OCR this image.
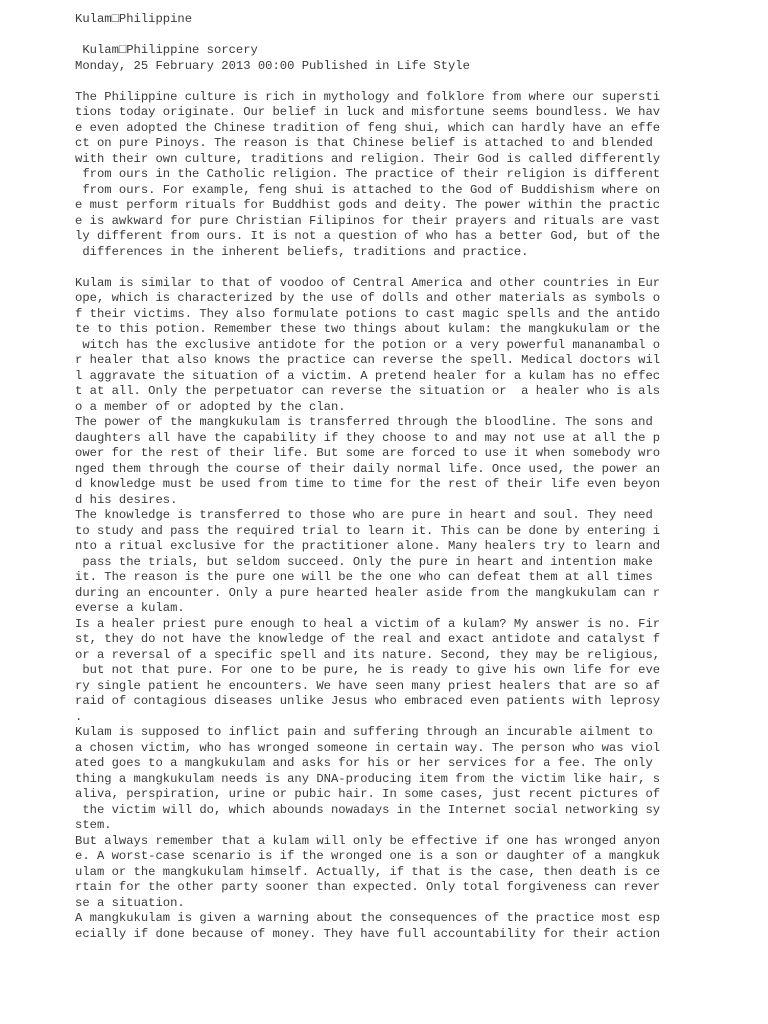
Kulam□Philippine
Kulam□Philippine sorcery
Monday, 25 February 2013 00:00 Published in Life Style
The Philippine culture is rich in mythology and folklore from where our supersti
tions today originate. Our belief in luck and misfortune seems boundless. We hav
e even adopted the Chinese tradition of feng shui, which can hardly have an effe
ct on pure Pinoys. The reason is that Chinese belief is attached to and blended
with their own culture, traditions and religion. Their God is called differently
from ours in the Catholic religion. The practice of their religion is different
from ours. For example, feng shui is attached to the God of Buddishism where on
e must perform rituals for Buddhist gods and deity. The power within the practic
e is awkward for pure Christian Filipinos for their prayers and rituals are vast
ly different from ours. It is not a question of who has a better God, but of the
differences in the inherent beliefs, traditions and practice.
Kulam is similar to that of voodoo of Central America and other countries in Eur
ope, which is characterized by the use of dolls and other materials as symbols o
f their victims. They also formulate potions to cast magic spells and the antido
te to this potion. Remember these two things about kulam: the mangkukulam or the
witch has the exclusive antidote for the potion or a very powerful mananambal o
r healer that also knows the practice can reverse the spell. Medical doctors wil
l aggravate the situation of a victim. A pretend healer for a kulam has no effec
t at all. Only the perpetuator can reverse the situation or  a healer who is als
o a member of or adopted by the clan.
The power of the mangkukulam is transferred through the bloodline. The sons and
daughters all have the capability if they choose to and may not use at all the p
ower for the rest of their life. But some are forced to use it when somebody wro
nged them through the course of their daily normal life. Once used, the power an
d knowledge must be used from time to time for the rest of their life even beyon
d his desires.
The knowledge is transferred to those who are pure in heart and soul. They need
to study and pass the required trial to learn it. This can be done by entering i
nto a ritual exclusive for the practitioner alone. Many healers try to learn and
pass the trials, but seldom succeed. Only the pure in heart and intention make
it. The reason is the pure one will be the one who can defeat them at all times
during an encounter. Only a pure hearted healer aside from the mangkukulam can r
everse a kulam.
Is a healer priest pure enough to heal a victim of a kulam? My answer is no. Fir
st, they do not have the knowledge of the real and exact antidote and catalyst f
or a reversal of a specific spell and its nature. Second, they may be religious,
but not that pure. For one to be pure, he is ready to give his own life for eve
ry single patient he encounters. We have seen many priest healers that are so af
raid of contagious diseases unlike Jesus who embraced even patients with leprosy
.
Kulam is supposed to inflict pain and suffering through an incurable ailment to
a chosen victim, who has wronged someone in certain way. The person who was viol
ated goes to a mangkukulam and asks for his or her services for a fee. The only
thing a mangkukulam needs is any DNA-producing item from the victim like hair, s
aliva, perspiration, urine or pubic hair. In some cases, just recent pictures of
the victim will do, which abounds nowadays in the Internet social networking sy
stem.
But always remember that a kulam will only be effective if one has wronged anyon
e. A worst-case scenario is if the wronged one is a son or daughter of a mangkuk
ulam or the mangkukulam himself. Actually, if that is the case, then death is ce
rtain for the other party sooner than expected. Only total forgiveness can rever
se a situation.
A mangkukulam is given a warning about the consequences of the practice most esp
ecially if done because of money. They have full accountability for their action
